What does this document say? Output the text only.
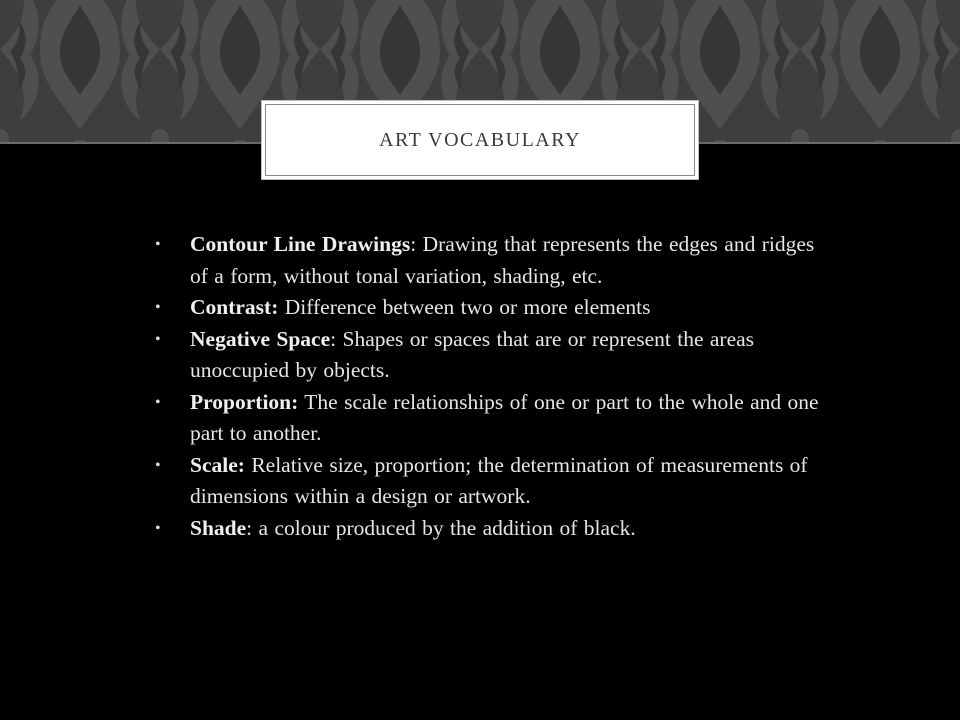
ART VOCABULARY
• Contour Line Drawings: Drawing that represents the edges and ridges of a form, without tonal variation, shading, etc.
• Contrast: Difference between two or more elements
• Negative Space: Shapes or spaces that are or represent the areas unoccupied by objects.
• Proportion: The scale relationships of one or part to the whole and one part to another.
• Scale: Relative size, proportion; the determination of measurements of dimensions within a design or artwork.
• Shade: a colour produced by the addition of black.
